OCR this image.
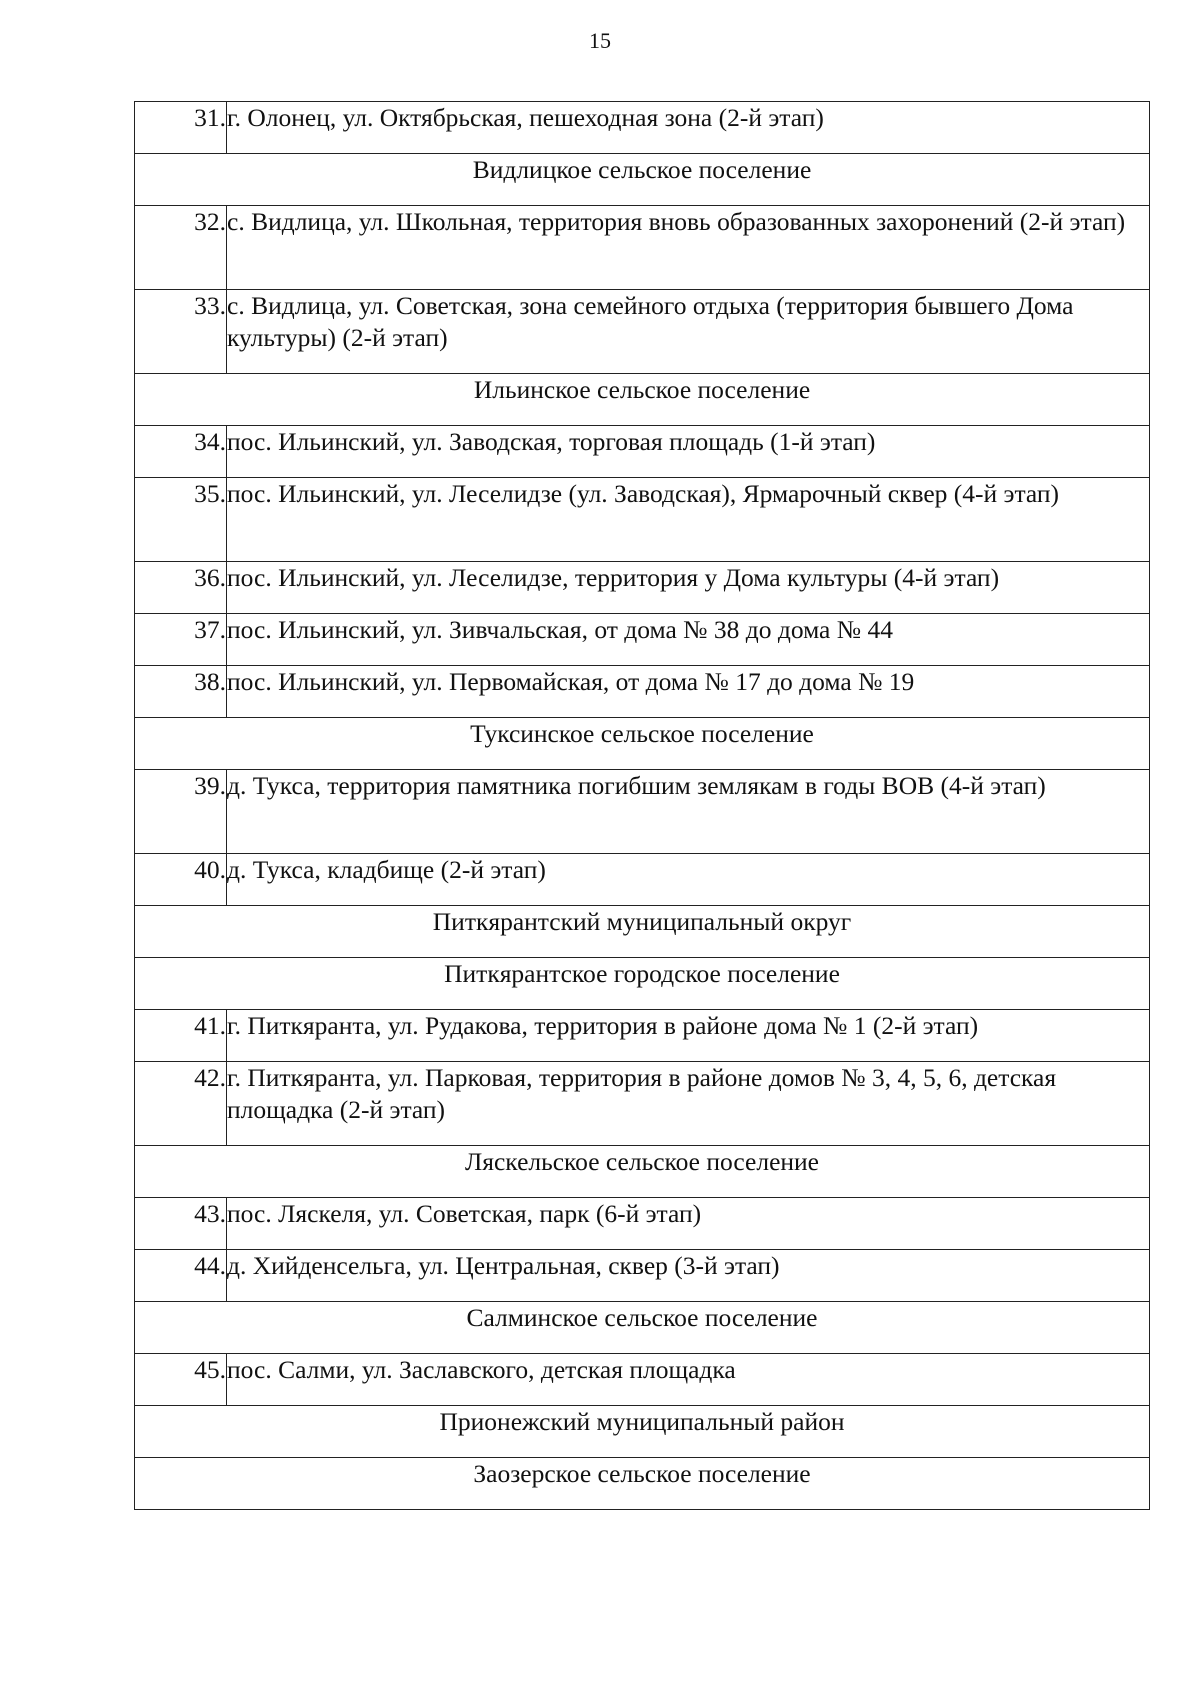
15
31.	г. Олонец, ул. Октябрьская, пешеходная зона (2-й этап)
Видлицкое сельское поселение	
32.	с. Видлица, ул. Школьная, территория вновь образованных захоронений (2-й этап)
33.	с. Видлица, ул. Советская, зона семейного отдыха (территория бывшего Дома культуры) (2-й этап)
Ильинское сельское поселение	
34.	пос. Ильинский, ул. Заводская, торговая площадь (1-й этап)
35.	пос. Ильинский, ул. Леселидзе (ул. Заводская), Ярмарочный сквер (4-й этап)
36.	пос. Ильинский, ул. Леселидзе, территория у Дома культуры (4-й этап)
37.	пос. Ильинский, ул. Зивчальская, от дома № 38 до дома № 44
38.	пос. Ильинский, ул. Первомайская, от дома № 17 до дома № 19
Туксинское сельское поселение	
39.	д. Тукса, территория памятника погибшим землякам в годы ВОВ (4-й этап)
40.	д. Тукса, кладбище (2-й этап)
Питкярантский муниципальный округ	
Питкярантское городское поселение	
41.	г. Питкяранта, ул. Рудакова, территория в районе дома № 1 (2-й этап)
42.	г. Питкяранта, ул. Парковая, территория в районе домов № 3, 4, 5, 6, детская площадка (2-й этап)
Ляскельское сельское поселение	
43.	пос. Ляскеля, ул. Советская, парк (6-й этап)
44.	д. Хийденсельга, ул. Центральная, сквер (3-й этап)
Салминское сельское поселение	
45.	пос. Салми, ул. Заславского, детская площадка
Прионежский муниципальный район	
Заозерское сельское поселение	
